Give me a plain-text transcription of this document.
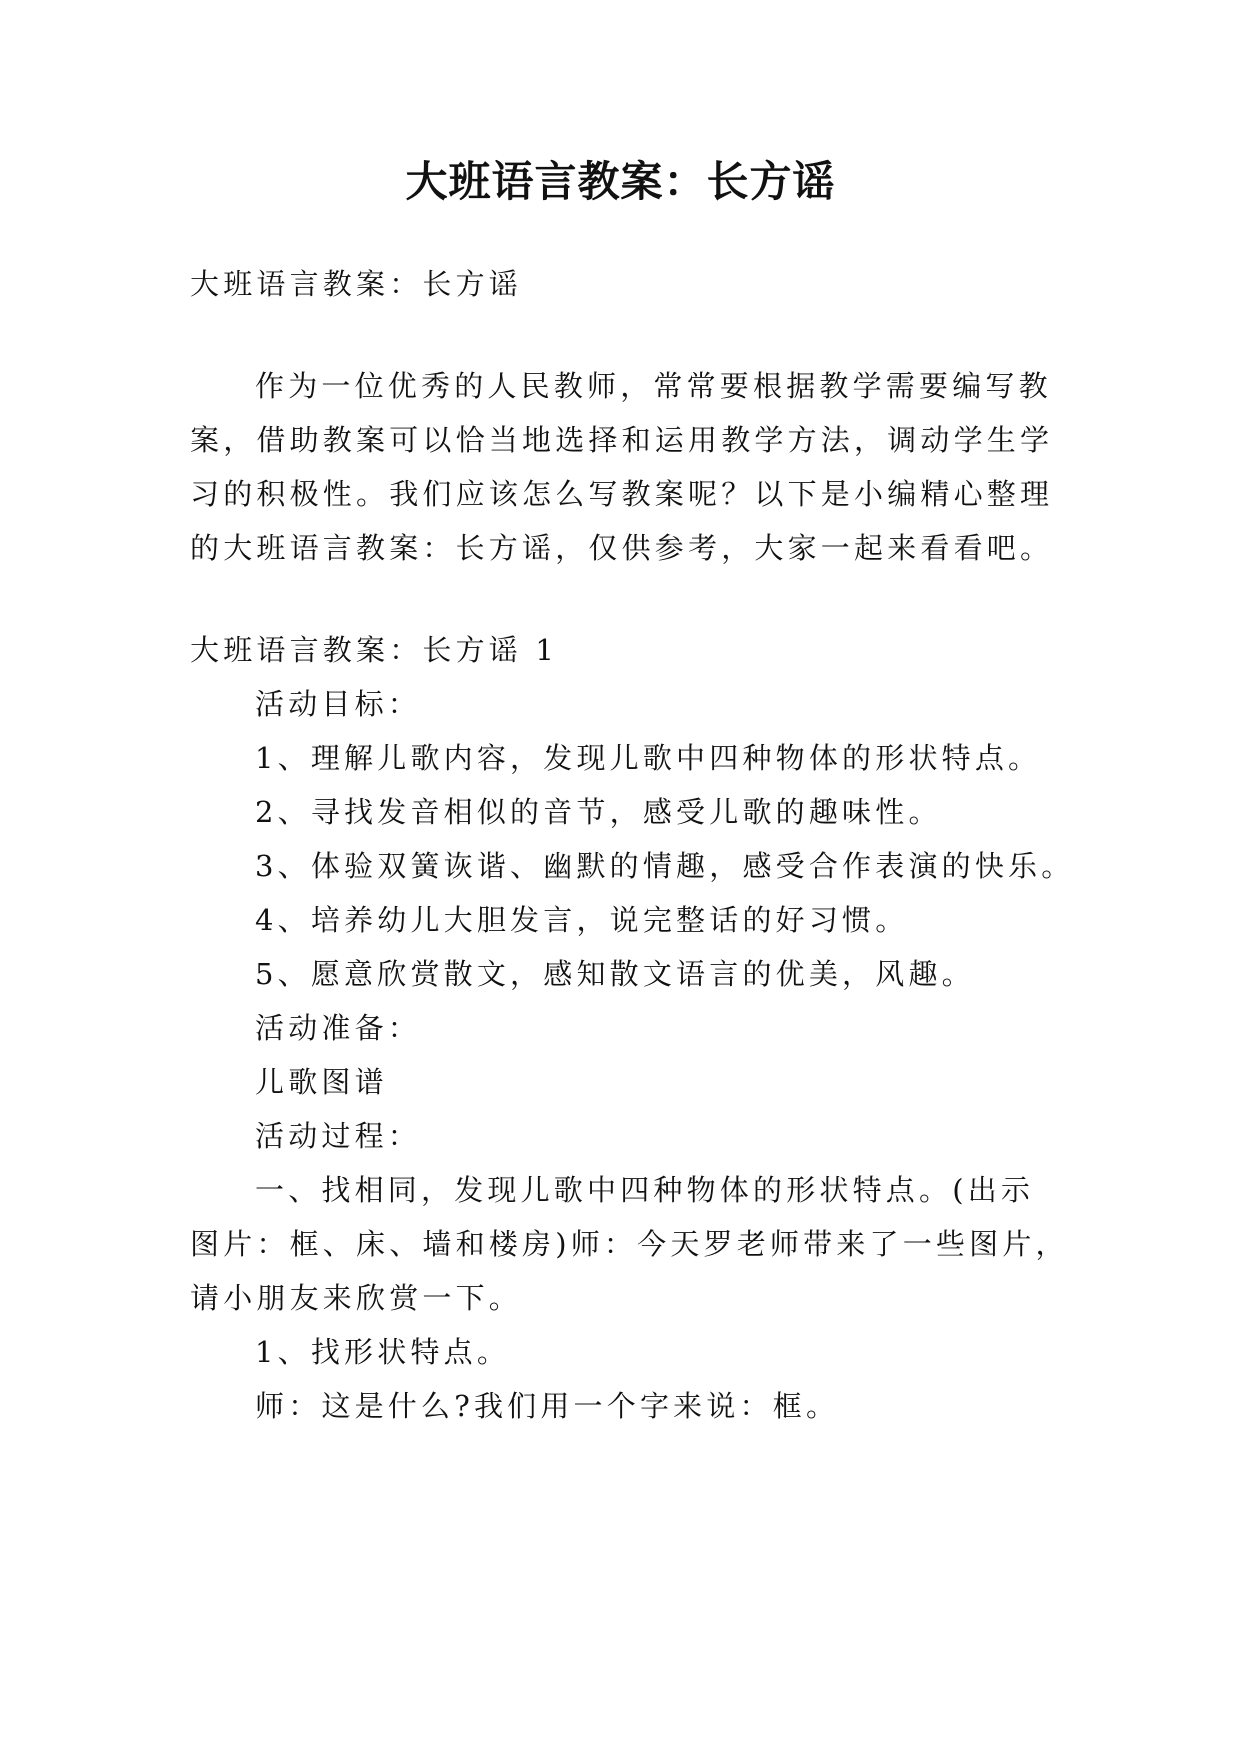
大班语言教案：长方谣
大班语言教案：长方谣
作为一位优秀的人民教师，常常要根据教学需要编写教
案，借助教案可以恰当地选择和运用教学方法，调动学生学
习的积极性。我们应该怎么写教案呢？以下是小编精心整理
的大班语言教案：长方谣，仅供参考，大家一起来看看吧。
大班语言教案：长方谣 1
活动目标：
1、理解儿歌内容，发现儿歌中四种物体的形状特点。
2、寻找发音相似的音节，感受儿歌的趣味性。
3、体验双簧诙谐、幽默的情趣，感受合作表演的快乐。
4、培养幼儿大胆发言，说完整话的好习惯。
5、愿意欣赏散文，感知散文语言的优美，风趣。
活动准备：
儿歌图谱
活动过程：
一、找相同，发现儿歌中四种物体的形状特点。(出示
图片：框、床、墙和楼房)师：今天罗老师带来了一些图片，
请小朋友来欣赏一下。
1、找形状特点。
师：这是什么?我们用一个字来说：框。
